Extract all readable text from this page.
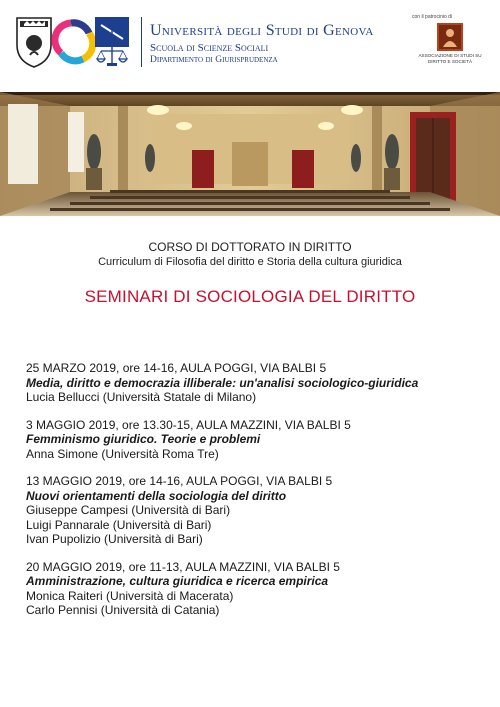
Università degli Studi di Genova
Scuola di Scienze Sociali
Dipartimento di Giurisprudenza
con il patrocinio di
ASSOCIAZIONE DI STUDI SU DIRITTO E SOCIETÀ
CORSO DI DOTTORATO IN DIRITTO
Curriculum di Filosofia del diritto e Storia della cultura giuridica
SEMINARI DI SOCIOLOGIA DEL DIRITTO
25 MARZO 2019, ore 14-16, AULA POGGI, VIA BALBI 5
Media, diritto e democrazia illiberale: un'analisi sociologico-giuridica
Lucia Bellucci (Università Statale di Milano)
3 MAGGIO 2019, ore 13.30-15, AULA MAZZINI, VIA BALBI 5
Femminismo giuridico. Teorie e problemi
Anna Simone (Università Roma Tre)
13 MAGGIO 2019, ore 14-16, AULA POGGI, VIA BALBI 5
Nuovi orientamenti della sociologia del diritto
Giuseppe Campesi (Università di Bari)
Luigi Pannarale (Università di Bari)
Ivan Pupolizio (Università di Bari)
20 MAGGIO 2019, ore 11-13, AULA MAZZINI, VIA BALBI 5
Amministrazione, cultura giuridica e ricerca empirica
Monica Raiteri (Università di Macerata)
Carlo Pennisi (Università di Catania)
